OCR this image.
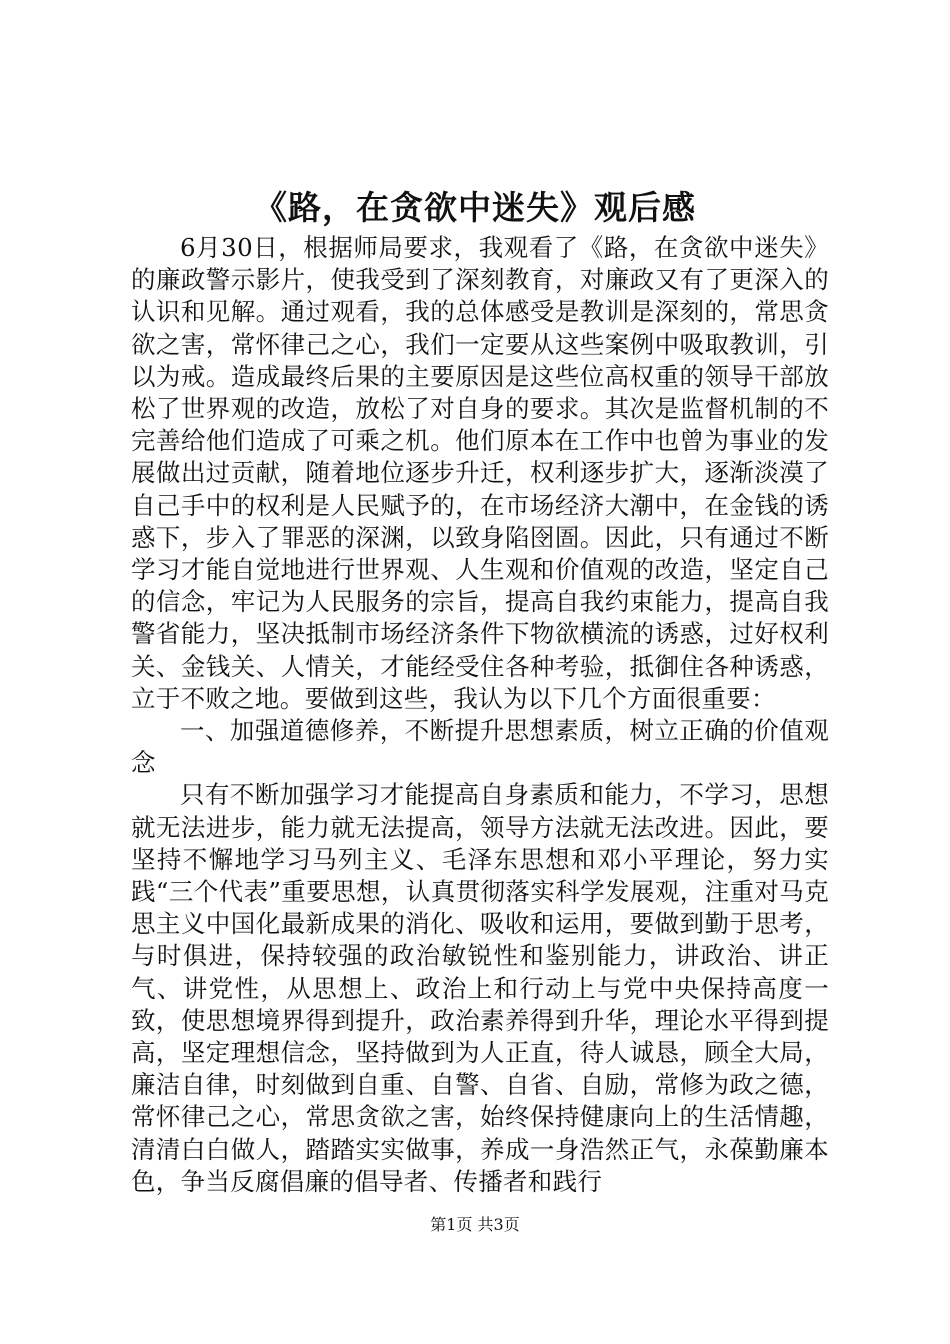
《路，在贪欲中迷失》观后感

6月30日，根据师局要求，我观看了《路，在贪欲中迷失》的廉政警示影片，使我受到了深刻教育，对廉政又有了更深入的认识和见解。通过观看，我的总体感受是教训是深刻的，常思贪欲之害，常怀律己之心，我们一定要从这些案例中吸取教训，引以为戒。造成最终后果的主要原因是这些位高权重的领导干部放松了世界观的改造，放松了对自身的要求。其次是监督机制的不完善给他们造成了可乘之机。他们原本在工作中也曾为事业的发展做出过贡献，随着地位逐步升迁，权利逐步扩大，逐渐淡漠了自己手中的权利是人民赋予的，在市场经济大潮中，在金钱的诱惑下，步入了罪恶的深渊，以致身陷囹圄。因此，只有通过不断学习才能自觉地进行世界观、人生观和价值观的改造，坚定自己的信念，牢记为人民服务的宗旨，提高自我约束能力，提高自我警省能力，坚决抵制市场经济条件下物欲横流的诱惑，过好权利关、金钱关、人情关，才能经受住各种考验，抵御住各种诱惑，立于不败之地。要做到这些，我认为以下几个方面很重要：

一、加强道德修养，不断提升思想素质，树立正确的价值观念

只有不断加强学习才能提高自身素质和能力，不学习，思想就无法进步，能力就无法提高，领导方法就无法改进。因此，要坚持不懈地学习马列主义、毛泽东思想和邓小平理论，努力实践“三个代表”重要思想，认真贯彻落实科学发展观，注重对马克思主义中国化最新成果的消化、吸收和运用，要做到勤于思考，与时俱进，保持较强的政治敏锐性和鉴别能力，讲政治、讲正气、讲党性，从思想上、政治上和行动上与党中央保持高度一致，使思想境界得到提升，政治素养得到升华，理论水平得到提高，坚定理想信念，坚持做到为人正直，待人诚恳，顾全大局，廉洁自律，时刻做到自重、自警、自省、自励，常修为政之德，常怀律己之心，常思贪欲之害，始终保持健康向上的生活情趣，清清白白做人，踏踏实实做事，养成一身浩然正气，永葆勤廉本色，争当反腐倡廉的倡导者、传播者和践行

第1页 共3页
